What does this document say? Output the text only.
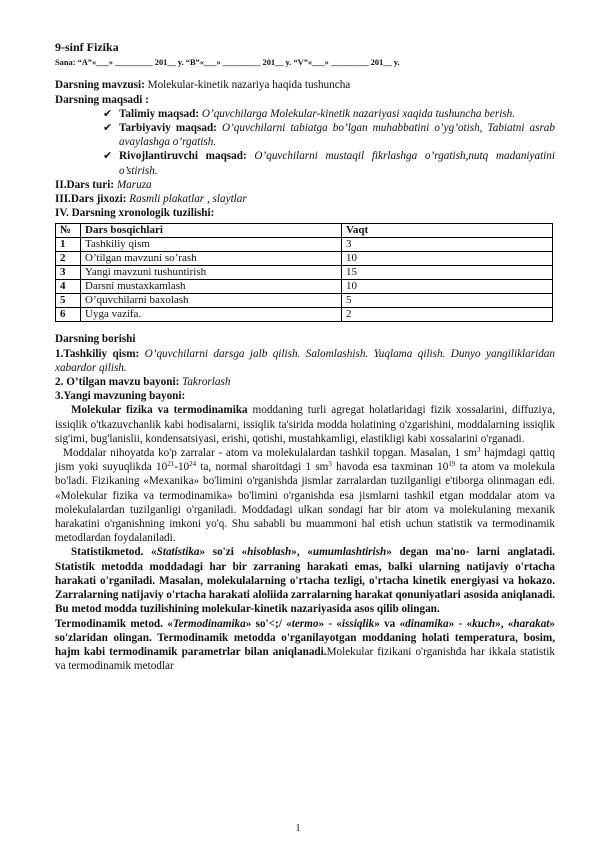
9-sinf Fizika
Sana: “A”«___» _________ 201__ y. “B”«___» _________ 201__ y. “V”«___» _________ 201__ y.

Darsning mavzusi: Molekular-kinetik nazariya haqida tushuncha

Darsning maqsadi :

✔ Talimiy maqsad: O’quvchilarga Molekular-kinetik nazariyasi xaqida tushuncha berish.
✔ Tarbiyaviy maqsad: O’quvchilarni tabiatga bo’lgan muhabbatini o’yg’otish, Tabiatni asrab avaylashga o’rgatish.
✔ Rivojlantiruvchi maqsad: O’quvchilarni mustaqil fikrlashga o’rgatish,nutq madaniyatini o’stirish.

II.Dars turi: Maruza

III.Dars jixozi: Rasmli plakatlar , slaytlar

IV. Darsning xronologik tuzilishi:

№	Dars bosqichlari	Vaqt
1	Tashkiliy qism	3
2	O’tilgan mavzuni so’rash	10
3	Yangi mavzuni tushuntirish	15
4	Darsni mustaxkamlash	10
5	O’quvchilarni baxolash	5
6	Uyga vazifa.	2

Darsning borishi

1.Tashkiliy qism: O’quvchilarni darsga jalb qilish. Salomlashish. Yuqlama qilish. Dunyo yangiliklaridan xabardor qilish.

2. O’tilgan mavzu bayoni: Takrorlash

3.Yangi mavzuning bayoni:

Molekular fizika va termodinamika moddaning turli agregat holatlaridagi fizik xossalarini, diffuziya, issiqlik o'tkazuvchanlik kabi hodisalarni, issiqlik ta'sirida modda holatining o'zgarishini, moddalarning issiqlik sig'imi, bug'lanislii, kondensatsiyasi, erishi, qotishi, mustahkamligi, elastikligi kabi xossalarini o'rganadi.

Moddalar nihoyatda ko'p zarralar - atom va molekulalardan tashkil topgan. Masalan, 1 $sm^3$ hajmdagi qattiq jism yoki suyuqlikda $10^{21}-10^{24}$ ta, normal sharoitdagi 1 $sm^3$ havoda esa taxminan $10^{19}$ ta atom va molekula bo'ladi. Fizikaning «Mexanika» bo'limini o'rganishda jismlar zarralardan tuzilganligi e'tiborga olinmagan edi. «Molekular fizika va termodinamika» bo'limini o'rganishda esa jismlarni tashkil etgan moddalar atom va molekulalardan tuzilganligi o'rganiladi. Moddadagi ulkan sondagi har bir atom va molekulaning mexanik harakatini o'rganishning imkoni yo'q. Shu sababli bu muammoni hal etish uchun statistik va termodinamik metodlardan foydalaniladi.

Statistikmetod. «Statistika» so'zi «hisoblash», «umumlashtirish» degan ma'no- larni anglatadi. Statistik metodda moddadagi har bir zarraning harakati emas, balki ularning natijaviy o'rtacha harakati o'rganiladi. Masalan, molekulalarning o'rtacha tezligi, o'rtacha kinetik energiyasi va hokazo. Zarralarning natijaviy o'rtacha harakati aloliida zarralarning harakat qonuniyatlari asosida aniqlanadi. Bu metod modda tuzilishining molekular-kinetik nazariyasida asos qilib olingan.

Termodinamik metod. «Termodinamika» so'<;/ «termo» - «issiqlik» va «dinamika» - «kuch», «harakat» so'zlaridan olingan. Termodinamik metodda o'rganilayotgan moddaning holati temperatura, bosim, hajm kabi termodinamik parametrlar bilan aniqlanadi.Molekular fizikani o'rganishda har ikkala statistik va termodinamik metodlar

1
